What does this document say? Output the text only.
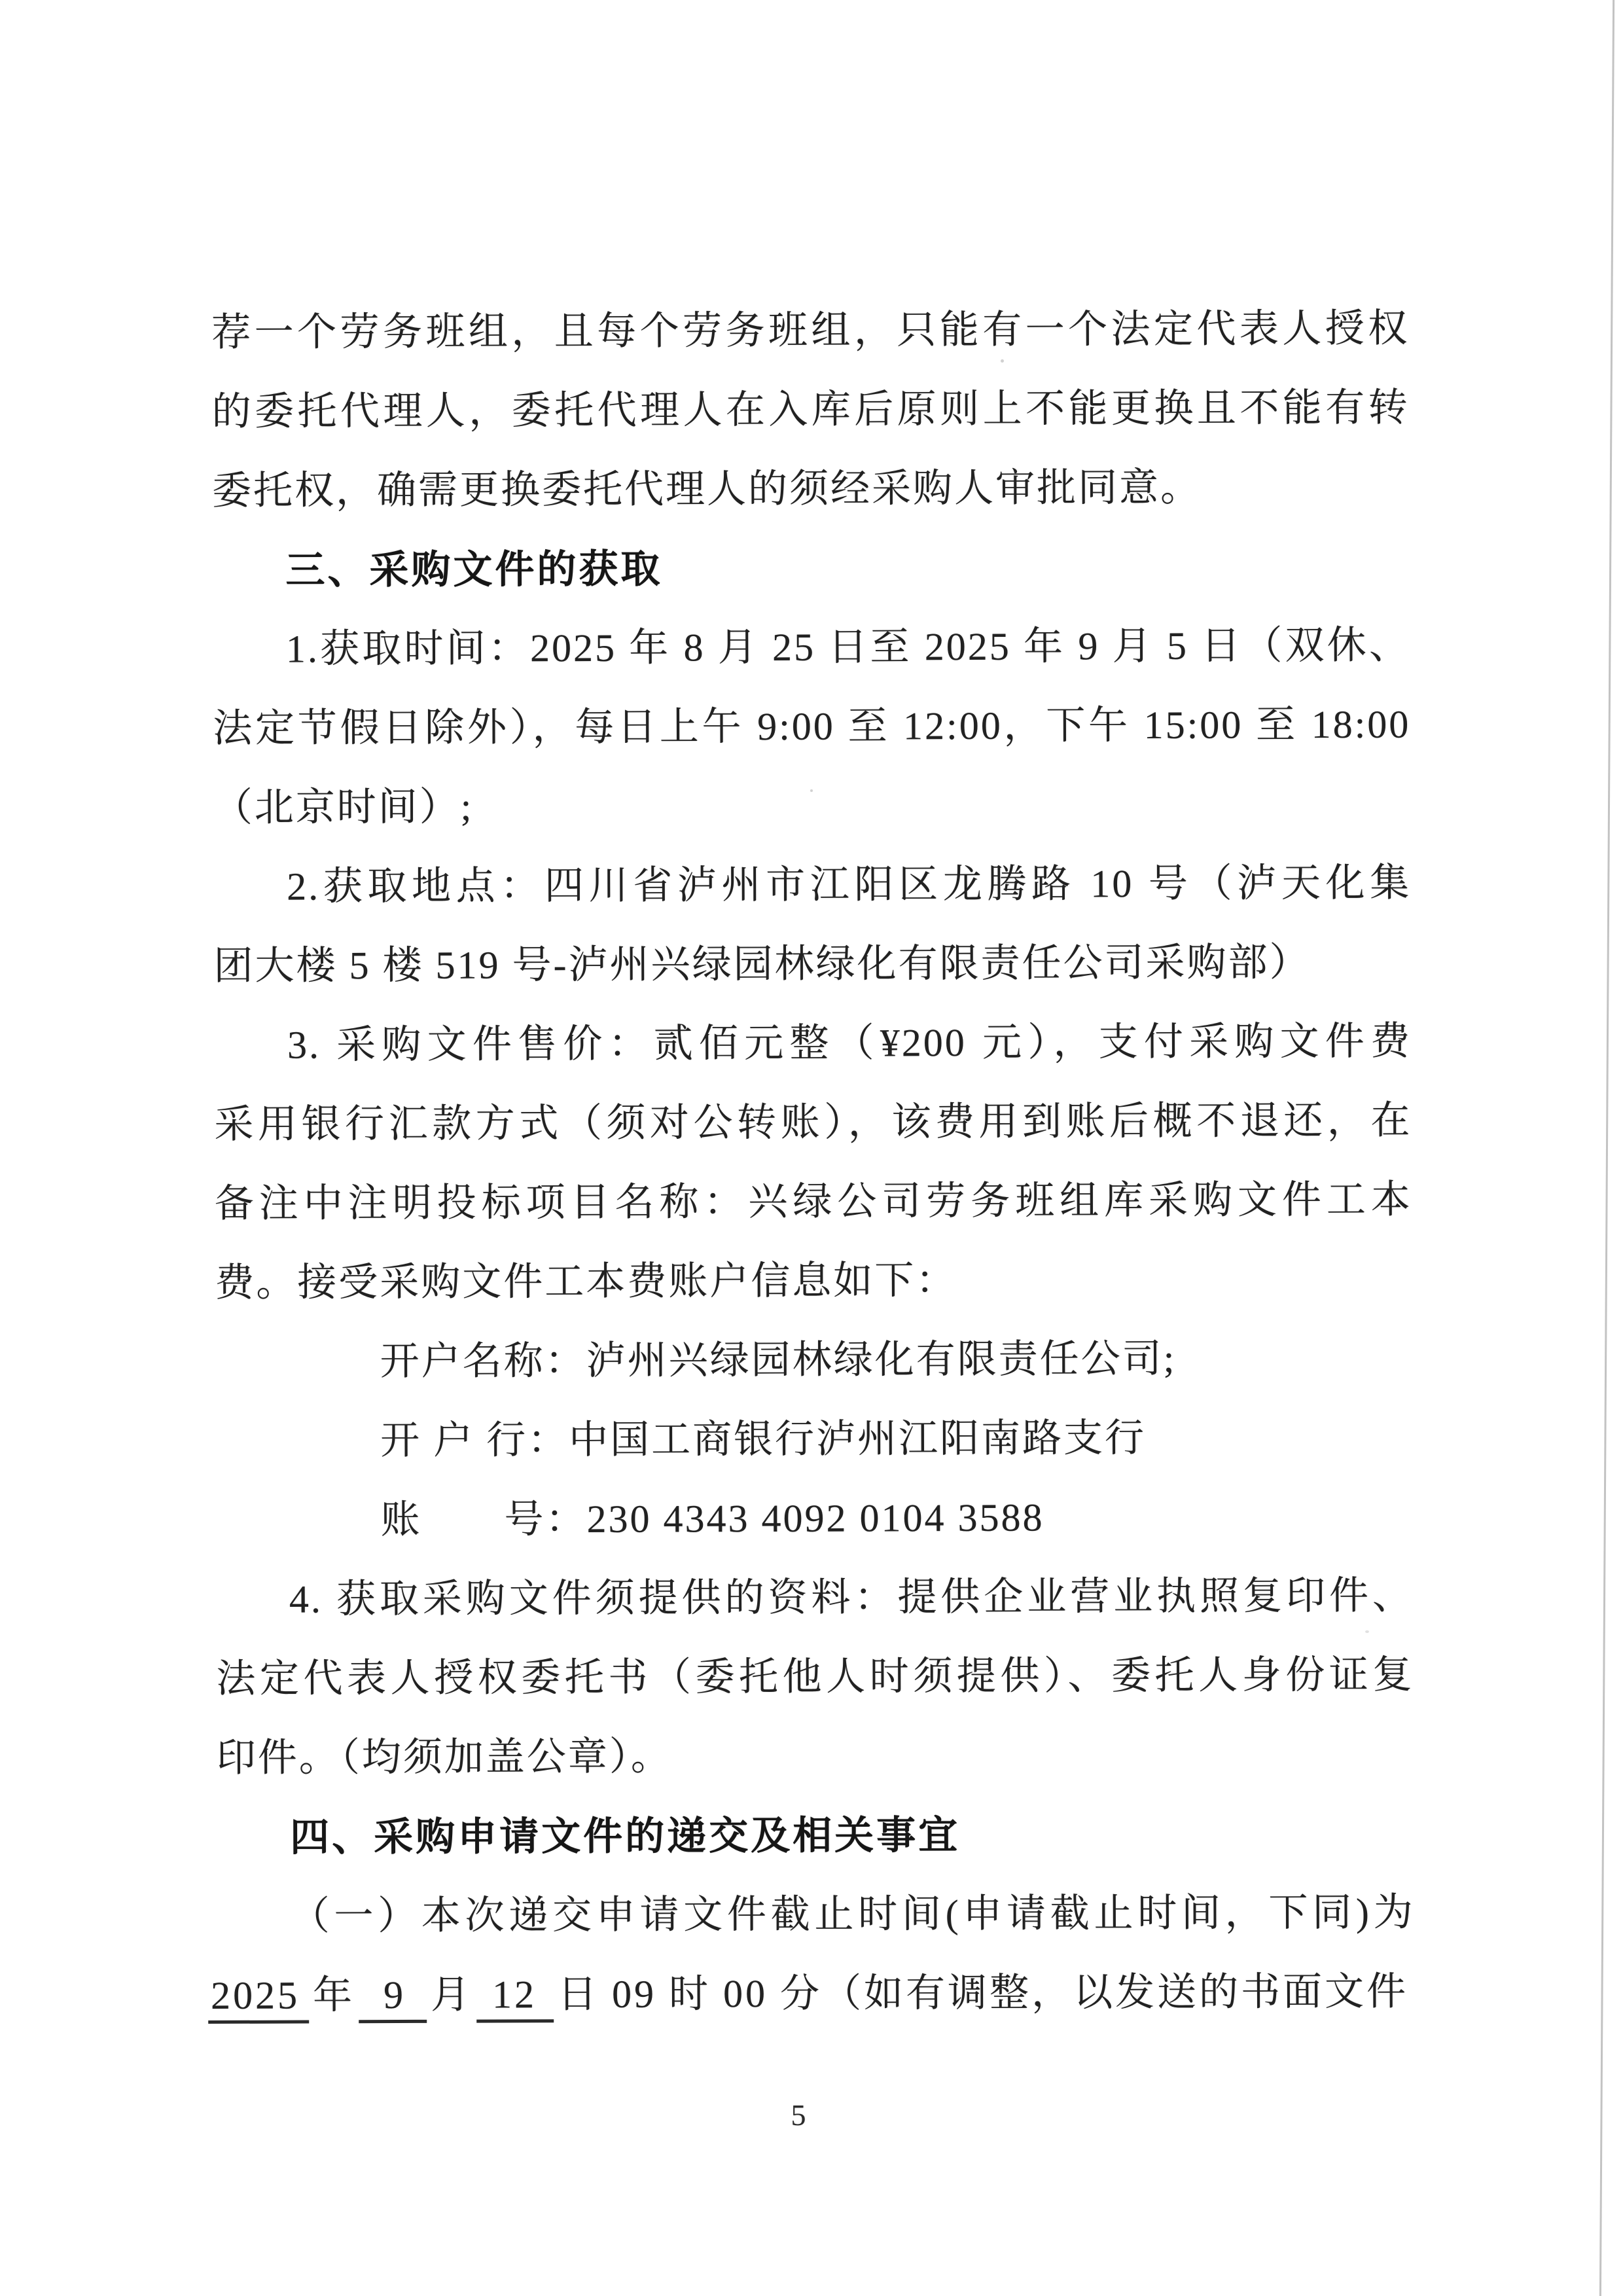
荐一个劳务班组，且每个劳务班组，只能有一个法定代表人授权
的委托代理人，委托代理人在入库后原则上不能更换且不能有转
委托权，确需更换委托代理人的须经采购人审批同意。
三、采购文件的获取
1.获取时间：2025 年 8 月 25 日至 2025 年 9 月 5 日（双休、
法定节假日除外），每日上午 9:00 至 12:00，下午 15:00 至 18:00
（北京时间）;
2.获取地点：四川省泸州市江阳区龙腾路 10 号（泸天化集
团大楼 5 楼 519 号-泸州兴绿园林绿化有限责任公司采购部）
3. 采购文件售价：贰佰元整（¥200 元），支付采购文件费
采用银行汇款方式（须对公转账），该费用到账后概不退还，在
备注中注明投标项目名称：兴绿公司劳务班组库采购文件工本
费。接受采购文件工本费账户信息如下：
开户名称：泸州兴绿园林绿化有限责任公司;
开 户 行：中国工商银行泸州江阳南路支行
账　　号：230 4343 4092 0104 3588
4. 获取采购文件须提供的资料：提供企业营业执照复印件、
法定代表人授权委托书（委托他人时须提供）、委托人身份证复
印件。（均须加盖公章）。
四、采购申请文件的递交及相关事宜
（一）本次递交申请文件截止时间(申请截止时间，下同)为
2025 年 9 月 12 日 09 时 00 分（如有调整，以发送的书面文件
5
